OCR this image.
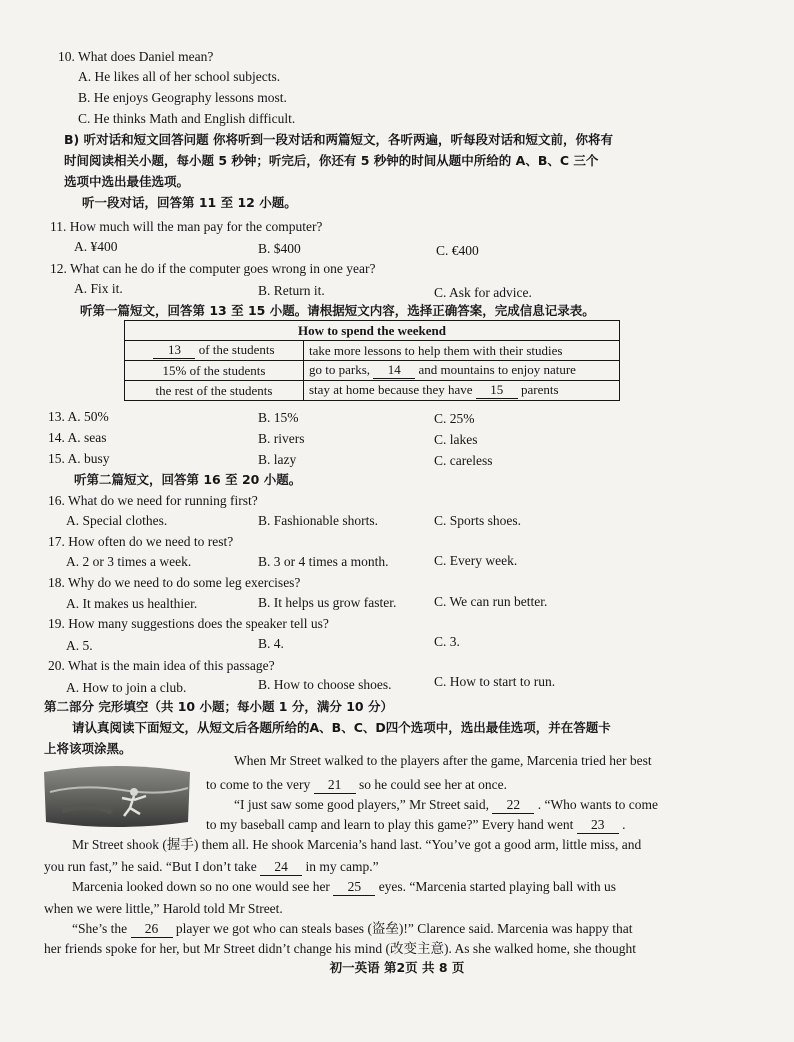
10. What does Daniel mean?
A. He likes all of her school subjects.
B. He enjoys Geography lessons most.
C. He thinks Math and English difficult.
B) 听对话和短文回答问题 你将听到一段对话和两篇短文，各听两遍，听每段对话和短文前，你将有
时间阅读相关小题，每小题 5 秒钟；听完后，你还有 5 秒钟的时间从题中所给的 A、B、C 三个
选项中选出最佳选项。
听一段对话，回答第 11 至 12 小题。
11. How much will the man pay for the computer?
A. ¥400	B. $400	C. €400
12. What can he do if the computer goes wrong in one year?
A. Fix it.	B. Return it.	C. Ask for advice.
听第一篇短文，回答第 13 至 15 小题。请根据短文内容，选择正确答案，完成信息记录表。
How to spend the weekend	
13 of the students	take more lessons to help them with their studies
15% of the students	go to parks, 14 and mountains to enjoy nature
the rest of the students	stay at home because they have 15 parents
13. A. 50%	B. 15%	C. 25%
14. A. seas	B. rivers	C. lakes
15. A. busy	B. lazy	C. careless
听第二篇短文，回答第 16 至 20 小题。
16. What do we need for running first?
A. Special clothes.	B. Fashionable shorts.	C. Sports shoes.
17. How often do we need to rest?
A. 2 or 3 times a week.	B. 3 or 4 times a month.	C. Every week.
18. Why do we need to do some leg exercises?
A. It makes us healthier.	B. It helps us grow faster.	C. We can run better.
19. How many suggestions does the speaker tell us?
A. 5.	B. 4.	C. 3.
20. What is the main idea of this passage?
A. How to join a club.	B. How to choose shoes.	C. How to start to run.
第二部分 完形填空（共 10 小题；每小题 1 分，满分 10 分）
请认真阅读下面短文，从短文后各题所给的A、B、C、D四个选项中，选出最佳选项，并在答题卡
上将该项涂黑。
When Mr Street walked to the players after the game, Marcenia tried her best
to come to the very 21 so he could see her at once.
“I just saw some good players,” Mr Street said, 22 . “Who wants to come
to my baseball camp and learn to play this game?” Every hand went 23 .
Mr Street shook (握手) them all. He shook Marcenia’s hand last. “You’ve got a good arm, little miss, and
you run fast,” he said. “But I don’t take 24 in my camp.”
Marcenia looked down so no one would see her 25 eyes. “Marcenia started playing ball with us
when we were little,” Harold told Mr Street.
“She’s the 26 player we got who can steals bases (盗垒)!” Clarence said. Marcenia was happy that
her friends spoke for her, but Mr Street didn’t change his mind (改变主意). As she walked home, she thought
初一英语 第2页 共 8 页
